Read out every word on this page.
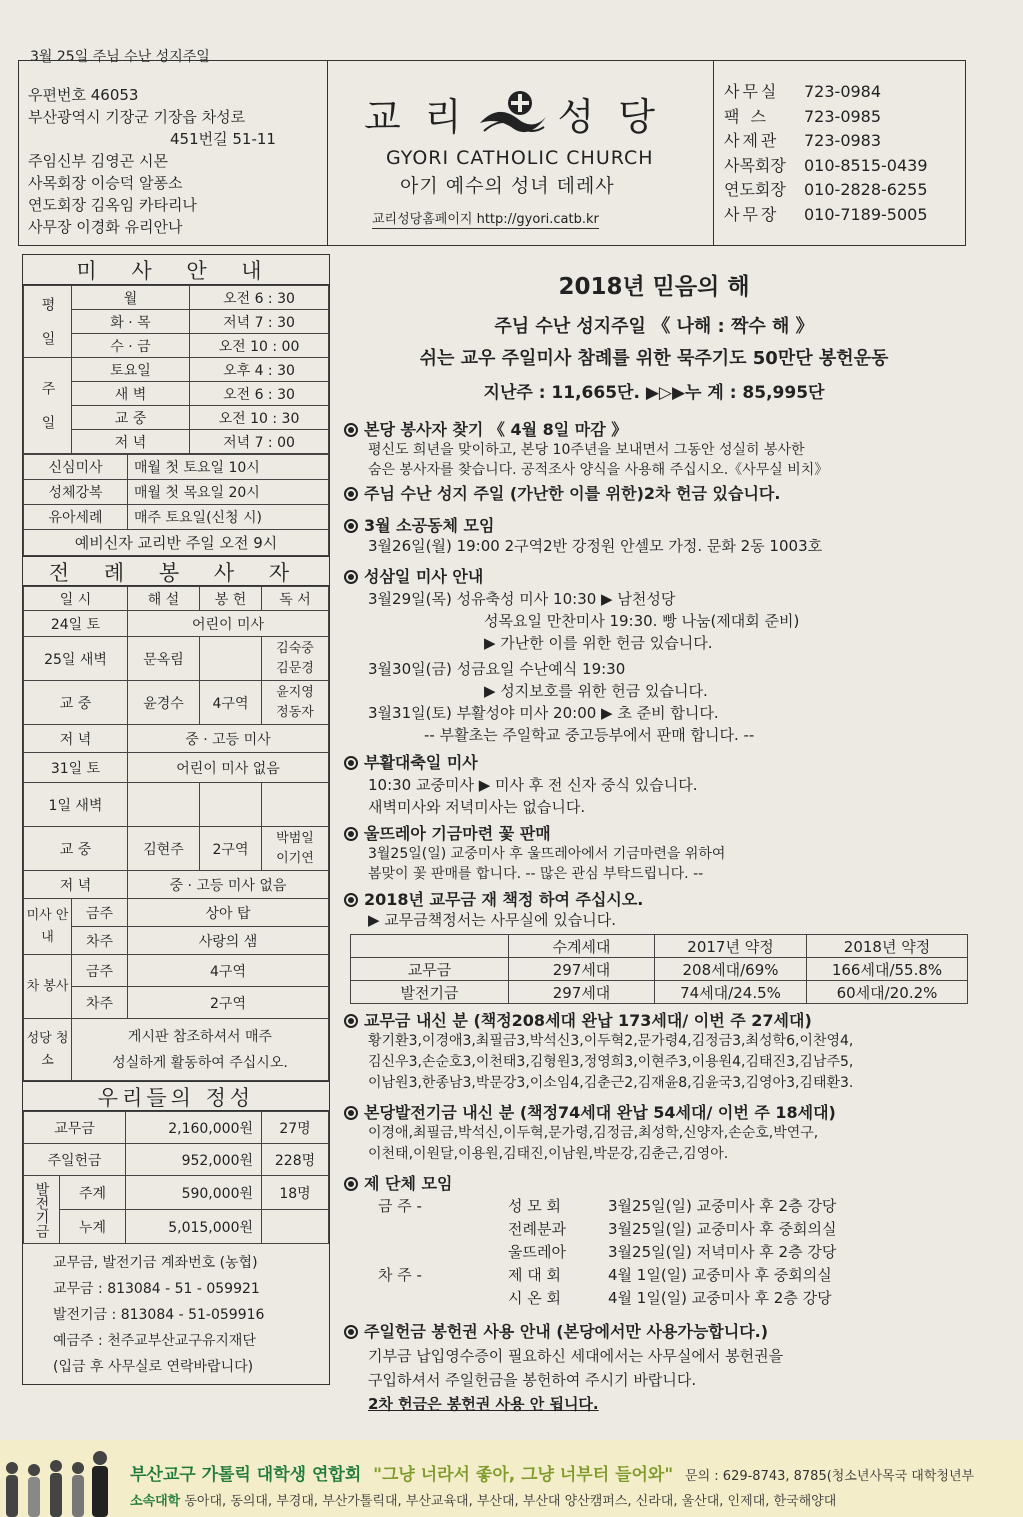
3월 25일 주님 수난 성지주일
우편번호 46053
부산광역시 기장군 기장읍 차성로
451번길 51-11
주임신부 김영곤 시몬
사목회장 이승덕 알퐁소
연도회장 김옥임 카타리나
사무장 이경화 유리안나
교 리 성 당
GYORI CATHOLIC CHURCH
아기 예수의 성녀 데레사
교리성당홈페이지 http://gyori.catb.kr
사무실	723-0984
팩 스	723-0985
사제관	723-0983
사목회장	010-8515-0439
연도회장	010-2828-6255
사무장	010-7189-5005
미 사 안 내
평 일	월	오전 6 : 30
	화 · 목	저녁 7 : 30
	수 · 금	오전 10 : 00
주 일	토요일	오후 4 : 30
	새 벽	오전 6 : 30
	교 중	오전 10 : 30
	저 녁	저녁 7 : 00
신심미사	매월 첫 토요일 10시
성체강복	매월 첫 목요일 20시
유아세례	매주 토요일(신청 시)
예비신자 교리반 주일 오전 9시	
전 례 봉 사 자
일 시		해 설	봉 헌	독 서
24일 토		어린이 미사		
25일 새벽		문옥림		김숙중
김문경

교 중		윤경수	4구역	윤지영
정동자

저 녁		중 · 고등 미사		
31일 토		어린이 미사 없음		
1일 새벽				
교 중		김현주	2구역	박범일
이기연

저 녁		중 · 고등 미사 없음		
미사 안내	금주	상아 탑		
	차주	사랑의 샘		
차 봉사	금주	4구역		
	차주	2구역		
성당 청소	게시판 참조하셔서 매주
성실하게 활동하여 주십시오.			
우리들의 정성
교무금		2,160,000원	27명
주일헌금		952,000원	228명
발전기금	주계	590,000원	18명
	누계	5,015,000원	
교무금, 발전기금 계좌번호 (농협)
교무금 : 813084 - 51 - 059921
발전기금 : 813084 - 51-059916
예금주 : 천주교부산교구유지재단
(입금 후 사무실로 연락바랍니다)
2018년 믿음의 해
주님 수난 성지주일 《 나해 : 짝수 해 》
쉬는 교우 주일미사 참례를 위한 묵주기도 50만단 봉헌운동
지난주 : 11,665단. ▶▷▶누 계 : 85,995단
본당 봉사자 찾기 《 4월 8일 마감 》
평신도 희년을 맞이하고, 본당 10주년을 보내면서 그동안 성실히 봉사한
숨은 봉사자를 찾습니다. 공적조사 양식을 사용해 주십시오.《사무실 비치》
주님 수난 성지 주일 (가난한 이를 위한)2차 헌금 있습니다.
3월 소공동체 모임
3월26일(월) 19:00 2구역2반 강정원 안셀모 가정. 문화 2동 1003호
성삼일 미사 안내
3월29일(목) 성유축성 미사 10:30 ▶ 남천성당
성목요일 만찬미사 19:30. 빵 나눔(제대회 준비)
▶ 가난한 이를 위한 헌금 있습니다.
3월30일(금) 성금요일 수난예식 19:30
▶ 성지보호를 위한 헌금 있습니다.
3월31일(토) 부활성야 미사 20:00 ▶ 초 준비 합니다.
-- 부활초는 주일학교 중고등부에서 판매 합니다. --
부활대축일 미사
10:30 교중미사 ▶ 미사 후 전 신자 중식 있습니다.
새벽미사와 저녁미사는 없습니다.
울뜨레아 기금마련 꽃 판매
3월25일(일) 교중미사 후 울뜨레아에서 기금마련을 위하여
봄맞이 꽃 판매를 합니다. -- 많은 관심 부탁드립니다. --
2018년 교무금 재 책정 하여 주십시오.
▶ 교무금책정서는 사무실에 있습니다.
	수계세대	2017년 약정	2018년 약정
교무금	297세대	208세대/69%	166세대/55.8%
발전기금	297세대	74세대/24.5%	60세대/20.2%
교무금 내신 분 (책정208세대 완납 173세대/ 이번 주 27세대)
황기환3,이경애3,최필금3,박석신3,이두혁2,문가령4,김정금3,최성학6,이찬영4,
김신우3,손순호3,이천태3,김형원3,정영희3,이현주3,이용원4,김태진3,김남주5,
이남원3,한종남3,박문강3,이소임4,김춘근2,김재윤8,김윤국3,김영아3,김태환3.
본당발전기금 내신 분 (책정74세대 완납 54세대/ 이번 주 18세대)
이경애,최필금,박석신,이두혁,문가령,김정금,최성학,신양자,손순호,박연구,
이천태,이원달,이용원,김태진,이남원,박문강,김춘근,김영아.
제 단체 모임
금 주 -	성 모 회	3월25일(일) 교중미사 후 2층 강당
전례분과	3월25일(일) 교중미사 후 중회의실
울뜨레아	3월25일(일) 저녁미사 후 2층 강당
차 주 -	제 대 회	4월 1일(일) 교중미사 후 중회의실
시 온 회	4월 1일(일) 교중미사 후 2층 강당
주일헌금 봉헌권 사용 안내 (본당에서만 사용가능합니다.)
기부금 납입영수증이 필요하신 세대에서는 사무실에서 봉헌권을
구입하셔서 주일헌금을 봉헌하여 주시기 바랍니다.
2차 헌금은 봉헌권 사용 안 됩니다.
부산교구 가톨릭 대학생 연합회 "그냥 너라서 좋아, 그냥 너부터 들어와" 문의 : 629-8743, 8785(청소년사목국 대학청년부
소속대학 동아대, 동의대, 부경대, 부산가톨릭대, 부산교육대, 부산대, 부산대 양산캠퍼스, 신라대, 울산대, 인제대, 한국해양대
